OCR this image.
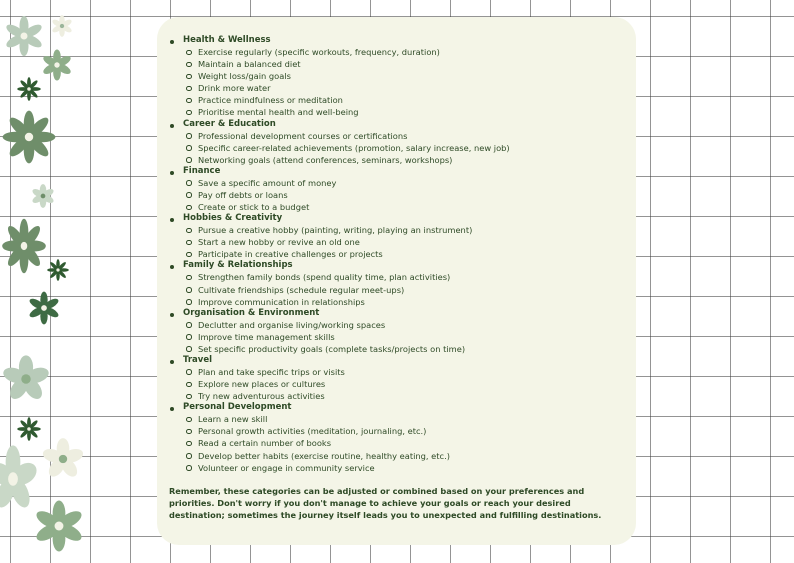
Health & Wellness
Exercise regularly (specific workouts, frequency, duration)
Maintain a balanced diet
Weight loss/gain goals
Drink more water
Practice mindfulness or meditation
Prioritise mental health and well-being
Career & Education
Professional development courses or certifications
Specific career-related achievements (promotion, salary increase, new job)
Networking goals (attend conferences, seminars, workshops)
Finance
Save a specific amount of money
Pay off debts or loans
Create or stick to a budget
Hobbies & Creativity
Pursue a creative hobby (painting, writing, playing an instrument)
Start a new hobby or revive an old one
Participate in creative challenges or projects
Family & Relationships
Strengthen family bonds (spend quality time, plan activities)
Cultivate friendships (schedule regular meet-ups)
Improve communication in relationships
Organisation & Environment
Declutter and organise living/working spaces
Improve time management skills
Set specific productivity goals (complete tasks/projects on time)
Travel
Plan and take specific trips or visits
Explore new places or cultures
Try new adventurous activities
Personal Development
Learn a new skill
Personal growth activities (meditation, journaling, etc.)
Read a certain number of books
Develop better habits (exercise routine, healthy eating, etc.)
Volunteer or engage in community service

Remember, these categories can be adjusted or combined based on your preferences and priorities. Don't worry if you don't manage to achieve your goals or reach your desired destination; sometimes the journey itself leads you to unexpected and fulfilling destinations.
